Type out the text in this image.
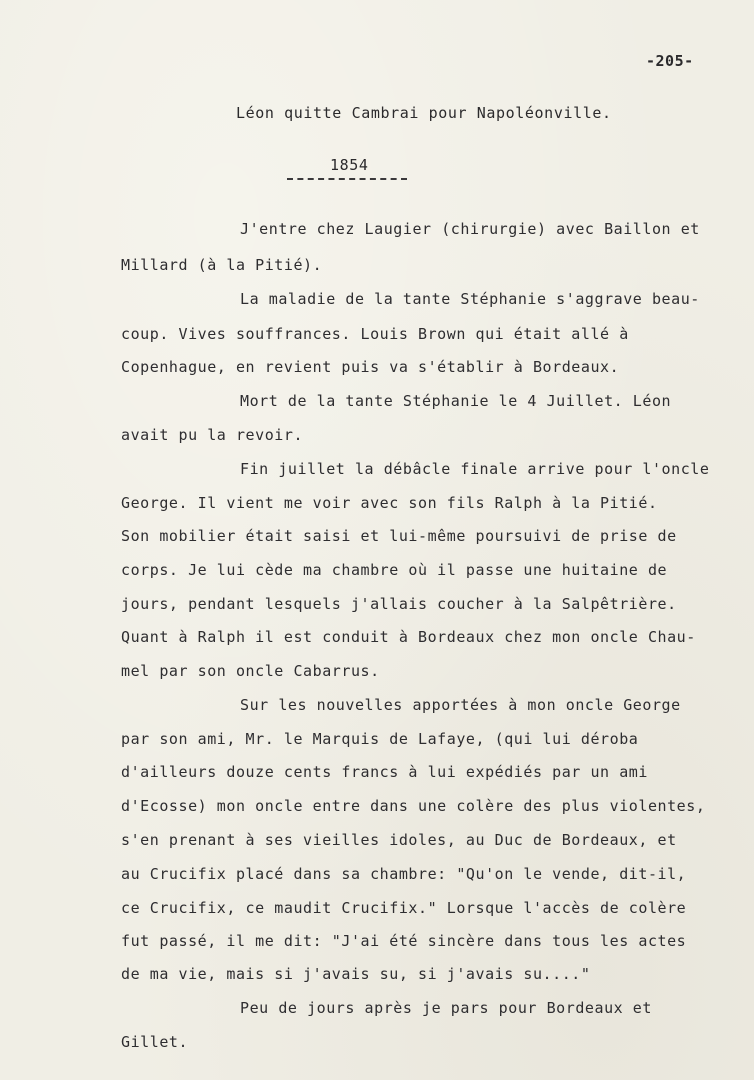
-205-
Léon quitte Cambrai pour Napoléonville.
1854
J'entre chez Laugier (chirurgie) avec Baillon et
Millard (à la Pitié).
La maladie de la tante Stéphanie s'aggrave beau-
coup. Vives souffrances. Louis Brown qui était allé à
Copenhague, en revient puis va s'établir à Bordeaux.
Mort de la tante Stéphanie le 4 Juillet. Léon
avait pu la revoir.
Fin juillet la débâcle finale arrive pour l'oncle
George. Il vient me voir avec son fils Ralph à la Pitié.
Son mobilier était saisi et lui-même poursuivi de prise de
corps. Je lui cède ma chambre où il passe une huitaine de
jours, pendant lesquels j'allais coucher à la Salpêtrière.
Quant à Ralph il est conduit à Bordeaux chez mon oncle Chau-
mel par son oncle Cabarrus.
Sur les nouvelles apportées à mon oncle George
par son ami, Mr. le Marquis de Lafaye, (qui lui déroba
d'ailleurs douze cents francs à lui expédiés par un ami
d'Ecosse) mon oncle entre dans une colère des plus violentes,
s'en prenant à ses vieilles idoles, au Duc de Bordeaux, et
au Crucifix placé dans sa chambre: "Qu'on le vende, dit-il,
ce Crucifix, ce maudit Crucifix." Lorsque l'accès de colère
fut passé, il me dit: "J'ai été sincère dans tous les actes
de ma vie, mais si j'avais su, si j'avais su...."
Peu de jours après je pars pour Bordeaux et
Gillet.
